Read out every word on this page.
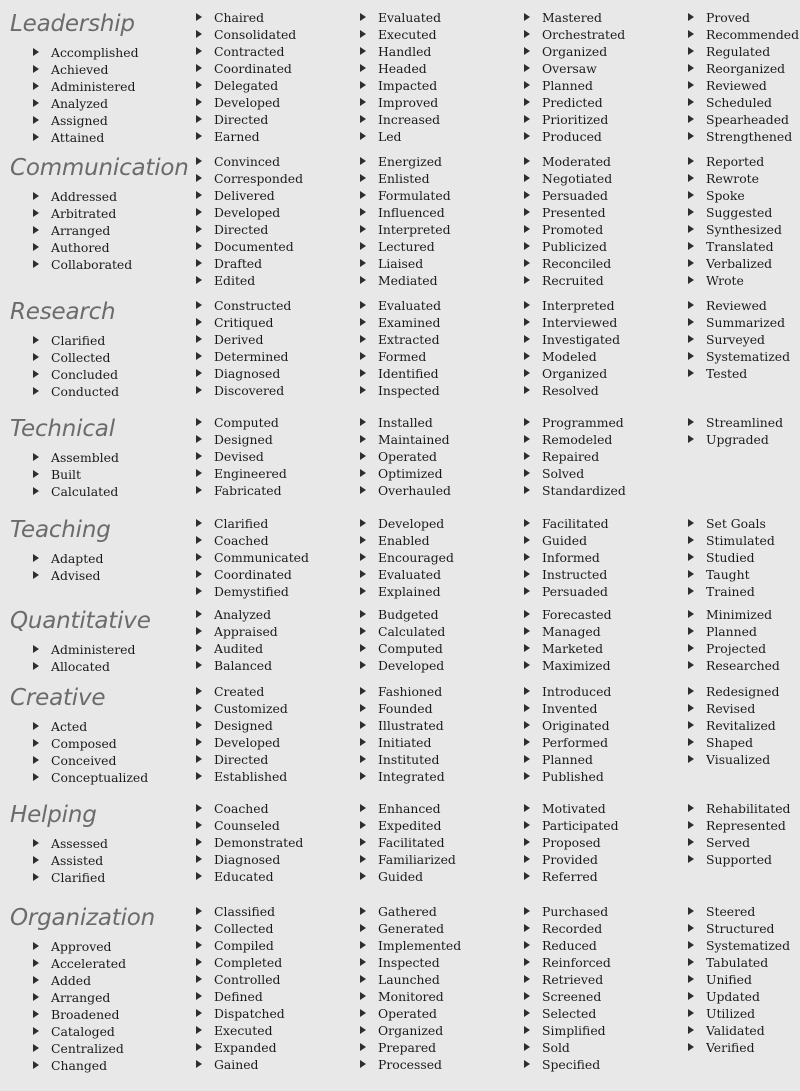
Leadership
Accomplished
Achieved
Administered
Analyzed
Assigned
Attained
Chaired
Consolidated
Contracted
Coordinated
Delegated
Developed
Directed
Earned
Evaluated
Executed
Handled
Headed
Impacted
Improved
Increased
Led
Mastered
Orchestrated
Organized
Oversaw
Planned
Predicted
Prioritized
Produced
Proved
Recommended
Regulated
Reorganized
Reviewed
Scheduled
Spearheaded
Strengthened
Communication
Addressed
Arbitrated
Arranged
Authored
Collaborated
Convinced
Corresponded
Delivered
Developed
Directed
Documented
Drafted
Edited
Energized
Enlisted
Formulated
Influenced
Interpreted
Lectured
Liaised
Mediated
Moderated
Negotiated
Persuaded
Presented
Promoted
Publicized
Reconciled
Recruited
Reported
Rewrote
Spoke
Suggested
Synthesized
Translated
Verbalized
Wrote
Research
Clarified
Collected
Concluded
Conducted
Constructed
Critiqued
Derived
Determined
Diagnosed
Discovered
Evaluated
Examined
Extracted
Formed
Identified
Inspected
Interpreted
Interviewed
Investigated
Modeled
Organized
Resolved
Reviewed
Summarized
Surveyed
Systematized
Tested
Technical
Assembled
Built
Calculated
Computed
Designed
Devised
Engineered
Fabricated
Installed
Maintained
Operated
Optimized
Overhauled
Programmed
Remodeled
Repaired
Solved
Standardized
Streamlined
Upgraded
Teaching
Adapted
Advised
Clarified
Coached
Communicated
Coordinated
Demystified
Developed
Enabled
Encouraged
Evaluated
Explained
Facilitated
Guided
Informed
Instructed
Persuaded
Set Goals
Stimulated
Studied
Taught
Trained
Quantitative
Administered
Allocated
Analyzed
Appraised
Audited
Balanced
Budgeted
Calculated
Computed
Developed
Forecasted
Managed
Marketed
Maximized
Minimized
Planned
Projected
Researched
Creative
Acted
Composed
Conceived
Conceptualized
Created
Customized
Designed
Developed
Directed
Established
Fashioned
Founded
Illustrated
Initiated
Instituted
Integrated
Introduced
Invented
Originated
Performed
Planned
Published
Redesigned
Revised
Revitalized
Shaped
Visualized
Helping
Assessed
Assisted
Clarified
Coached
Counseled
Demonstrated
Diagnosed
Educated
Enhanced
Expedited
Facilitated
Familiarized
Guided
Motivated
Participated
Proposed
Provided
Referred
Rehabilitated
Represented
Served
Supported
Organization
Approved
Accelerated
Added
Arranged
Broadened
Cataloged
Centralized
Changed
Classified
Collected
Compiled
Completed
Controlled
Defined
Dispatched
Executed
Expanded
Gained
Gathered
Generated
Implemented
Inspected
Launched
Monitored
Operated
Organized
Prepared
Processed
Purchased
Recorded
Reduced
Reinforced
Retrieved
Screened
Selected
Simplified
Sold
Specified
Steered
Structured
Systematized
Tabulated
Unified
Updated
Utilized
Validated
Verified
